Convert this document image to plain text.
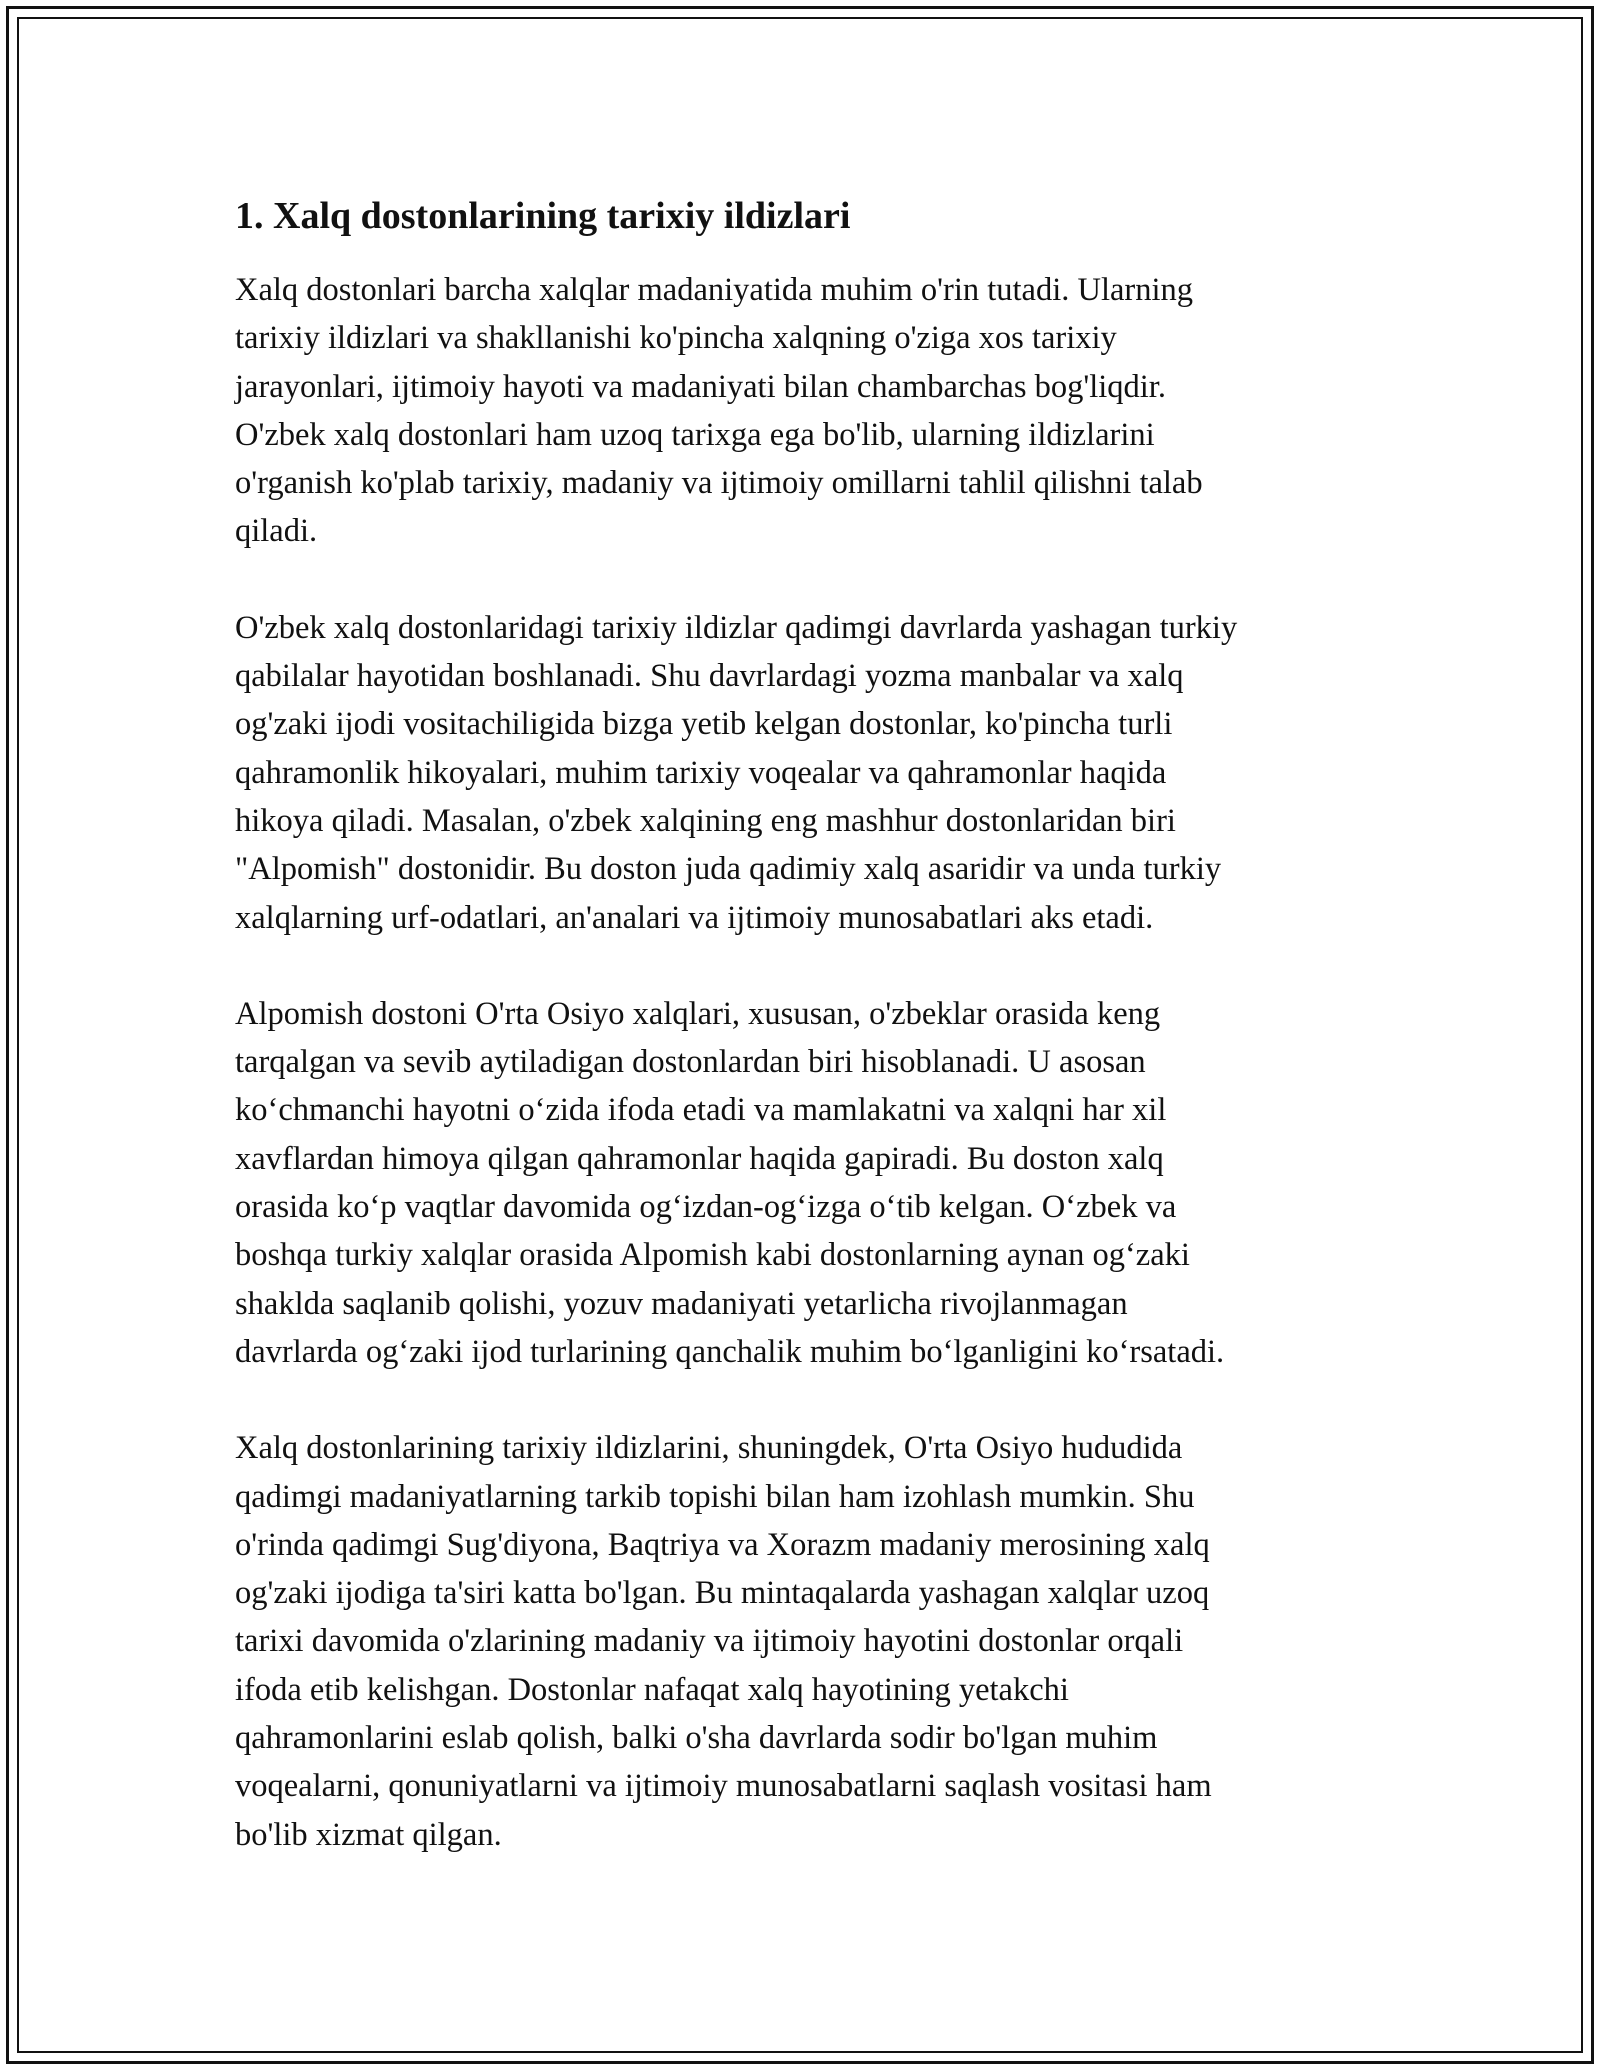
1. Xalq dostonlarining tarixiy ildizlari

Xalq dostonlari barcha xalqlar madaniyatida muhim o'rin tutadi. Ularning
tarixiy ildizlari va shakllanishi ko'pincha xalqning o'ziga xos tarixiy
jarayonlari, ijtimoiy hayoti va madaniyati bilan chambarchas bog'liqdir.
O'zbek xalq dostonlari ham uzoq tarixga ega bo'lib, ularning ildizlarini
o'rganish ko'plab tarixiy, madaniy va ijtimoiy omillarni tahlil qilishni talab
qiladi.

O'zbek xalq dostonlaridagi tarixiy ildizlar qadimgi davrlarda yashagan turkiy
qabilalar hayotidan boshlanadi. Shu davrlardagi yozma manbalar va xalq
og'zaki ijodi vositachiligida bizga yetib kelgan dostonlar, ko'pincha turli
qahramonlik hikoyalari, muhim tarixiy voqealar va qahramonlar haqida
hikoya qiladi. Masalan, o'zbek xalqining eng mashhur dostonlaridan biri
"Alpomish" dostonidir. Bu doston juda qadimiy xalq asaridir va unda turkiy
xalqlarning urf-odatlari, an'analari va ijtimoiy munosabatlari aks etadi.

Alpomish dostoni O'rta Osiyo xalqlari, xususan, o'zbeklar orasida keng
tarqalgan va sevib aytiladigan dostonlardan biri hisoblanadi. U asosan
ko‘chmanchi hayotni o‘zida ifoda etadi va mamlakatni va xalqni har xil
xavflardan himoya qilgan qahramonlar haqida gapiradi. Bu doston xalq
orasida ko‘p vaqtlar davomida og‘izdan-og‘izga o‘tib kelgan. O‘zbek va
boshqa turkiy xalqlar orasida Alpomish kabi dostonlarning aynan og‘zaki
shaklda saqlanib qolishi, yozuv madaniyati yetarlicha rivojlanmagan
davrlarda og‘zaki ijod turlarining qanchalik muhim bo‘lganligini ko‘rsatadi.

Xalq dostonlarining tarixiy ildizlarini, shuningdek, O'rta Osiyo hududida
qadimgi madaniyatlarning tarkib topishi bilan ham izohlash mumkin. Shu
o'rinda qadimgi Sug'diyona, Baqtriya va Xorazm madaniy merosining xalq
og'zaki ijodiga ta'siri katta bo'lgan. Bu mintaqalarda yashagan xalqlar uzoq
tarixi davomida o'zlarining madaniy va ijtimoiy hayotini dostonlar orqali
ifoda etib kelishgan. Dostonlar nafaqat xalq hayotining yetakchi
qahramonlarini eslab qolish, balki o'sha davrlarda sodir bo'lgan muhim
voqealarni, qonuniyatlarni va ijtimoiy munosabatlarni saqlash vositasi ham
bo'lib xizmat qilgan.
